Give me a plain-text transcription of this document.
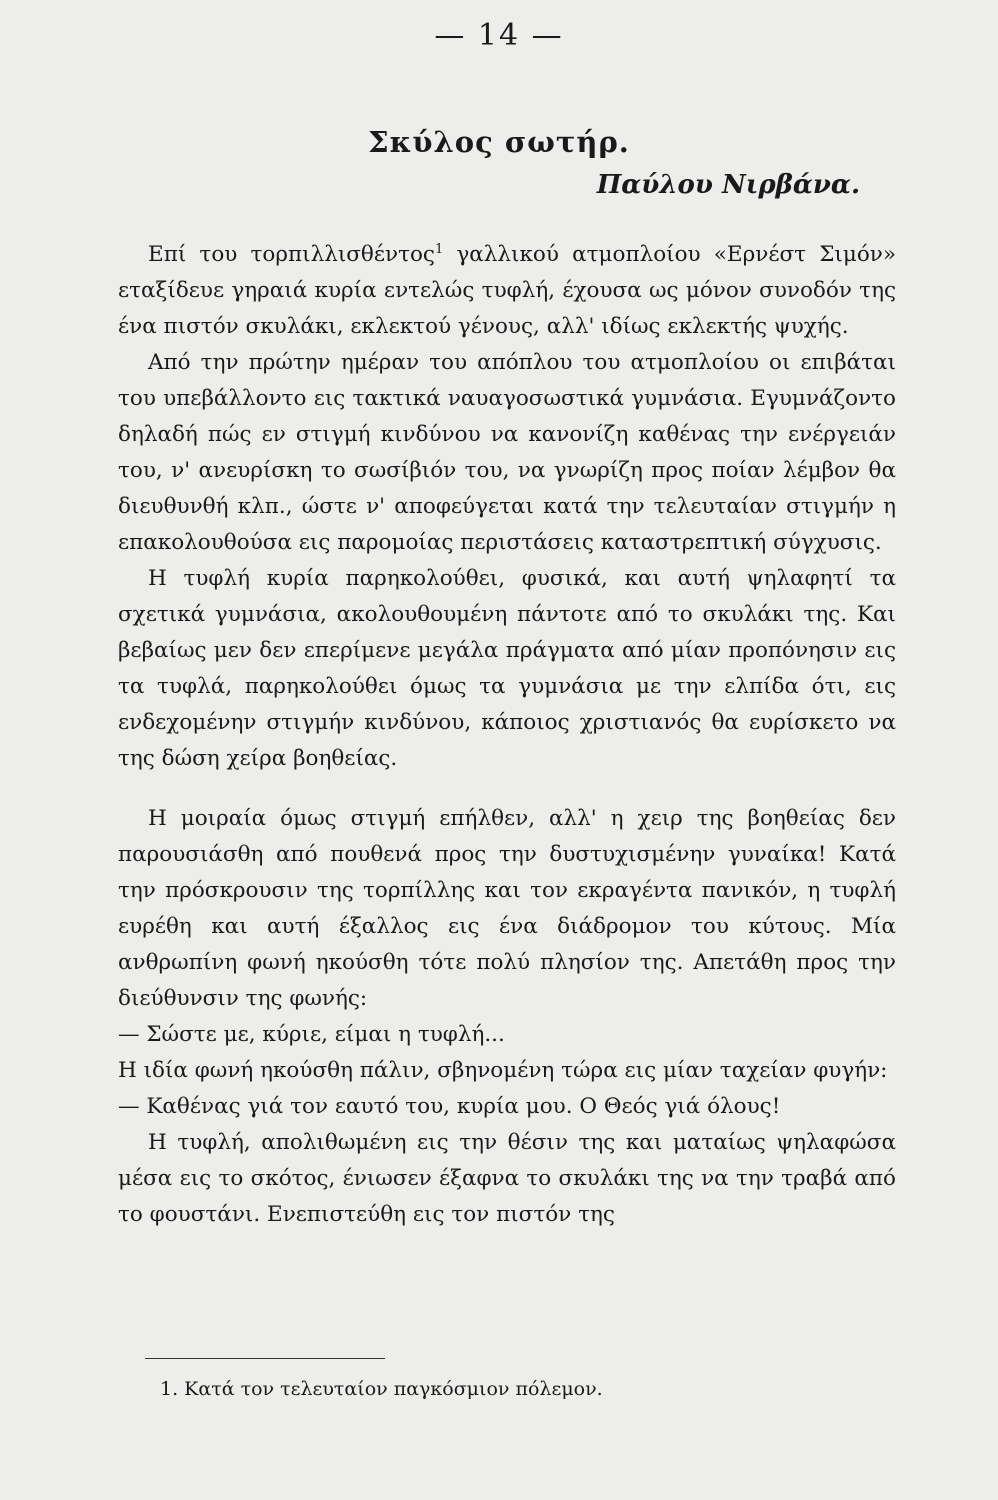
— 14 —
Σκύλος σωτήρ.
Παύλου Νιρβάνα.

Επί του τορπιλλισθέντος$^1$ γαλλικού ατμοπλοίου «Ερνέστ Σιμόν» εταξίδευε γηραιά κυρία εντελώς τυφλή, έχουσα ως μόνον συνοδόν της ένα πιστόν σκυλάκι, εκλεκτού γένους, αλλ' ιδίως εκλεκτής ψυχής.

Από την πρώτην ημέραν του απόπλου του ατμοπλοίου οι επιβάται του υπεβάλλοντο εις τακτικά ναυαγοσωστικά γυμνάσια. Εγυμνάζοντο δηλαδή πώς εν στιγμή κινδύνου να κανονίζη καθένας την ενέργειάν του, ν' ανευρίσκη το σωσίβιόν του, να γνωρίζη προς ποίαν λέμβον θα διευθυνθή κλπ., ώστε ν' αποφεύγεται κατά την τελευταίαν στιγμήν η επακολουθούσα εις παρομοίας περιστάσεις καταστρεπτική σύγχυσις.

Η τυφλή κυρία παρηκολούθει, φυσικά, και αυτή ψηλαφητί τα σχετικά γυμνάσια, ακολουθουμένη πάντοτε από το σκυλάκι της. Και βεβαίως μεν δεν επερίμενε μεγάλα πράγματα από μίαν προπόνησιν εις τα τυφλά, παρηκολούθει όμως τα γυμνάσια με την ελπίδα ότι, εις ενδεχομένην στιγμήν κινδύνου, κάποιος χριστιανός θα ευρίσκετο να της δώση χείρα βοηθείας.

Η μοιραία όμως στιγμή επήλθεν, αλλ' η χειρ της βοηθείας δεν παρουσιάσθη από πουθενά προς την δυστυχισμένην γυναίκα! Κατά την πρόσκρουσιν της τορπίλλης και τον εκραγέντα πανικόν, η τυφλή ευρέθη και αυτή έξαλλος εις ένα διάδρομον του κύτους. Μία ανθρωπίνη φωνή ηκούσθη τότε πολύ πλησίον της. Απετάθη προς την διεύθυνσιν της φωνής:

— Σώστε με, κύριε, είμαι η τυφλή...

Η ιδία φωνή ηκούσθη πάλιν, σβηνομένη τώρα εις μίαν ταχείαν φυγήν:

— Καθένας γιά τον εαυτό του, κυρία μου. Ο Θεός γιά όλους!

Η τυφλή, απολιθωμένη εις την θέσιν της και ματαίως ψηλαφώσα μέσα εις το σκότος, ένιωσεν έξαφνα το σκυλάκι της να την τραβά από το φουστάνι. Ενεπιστεύθη εις τον πιστόν της

1. Κατά τον τελευταίον παγκόσμιον πόλεμον.
